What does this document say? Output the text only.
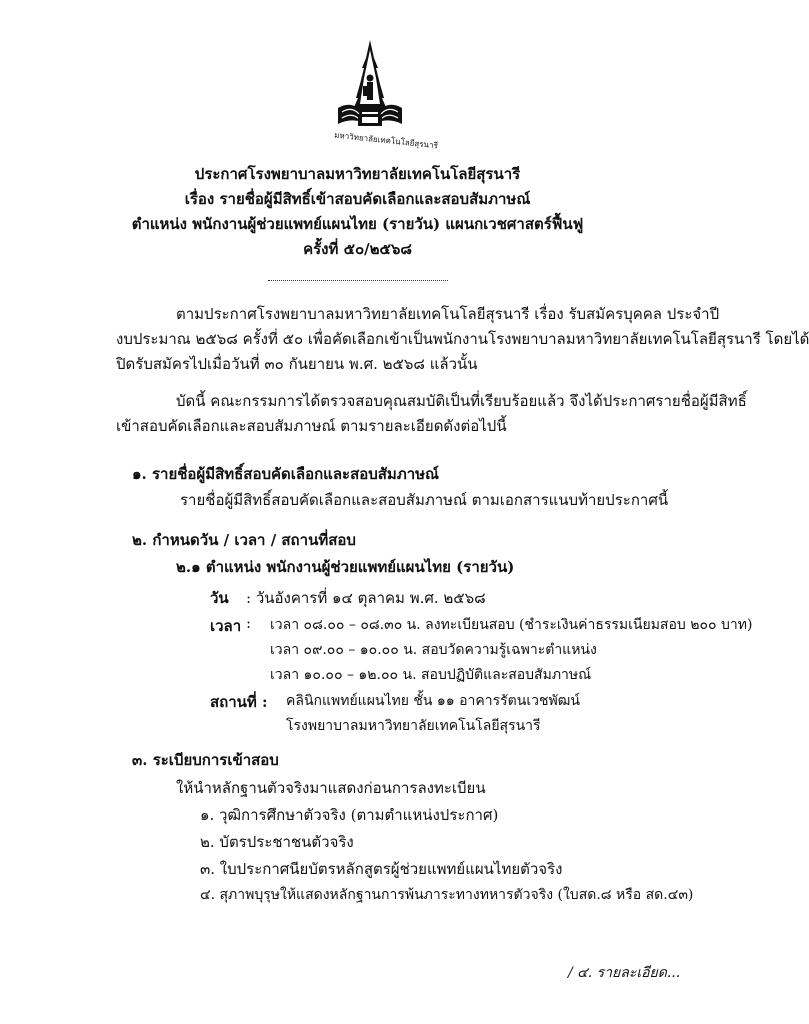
มหาวิทยาลัยเทคโนโลยีสุรนารี
ประกาศโรงพยาบาลมหาวิทยาลัยเทคโนโลยีสุรนารี
เรื่อง รายชื่อผู้มีสิทธิ์เข้าสอบคัดเลือกและสอบสัมภาษณ์
ตำแหน่ง พนักงานผู้ช่วยแพทย์แผนไทย (รายวัน) แผนกเวชศาสตร์ฟื้นฟู
ครั้งที่ ๕๐/๒๕๖๘
ตามประกาศโรงพยาบาลมหาวิทยาลัยเทคโนโลยีสุรนารี เรื่อง รับสมัครบุคคล ประจำปี
งบประมาณ ๒๕๖๘ ครั้งที่ ๕๐ เพื่อคัดเลือกเข้าเป็นพนักงานโรงพยาบาลมหาวิทยาลัยเทคโนโลยีสุรนารี โดยได้
ปิดรับสมัครไปเมื่อวันที่ ๓๐ กันยายน พ.ศ. ๒๕๖๘ แล้วนั้น
บัดนี้ คณะกรรมการได้ตรวจสอบคุณสมบัติเป็นที่เรียบร้อยแล้ว จึงได้ประกาศรายชื่อผู้มีสิทธิ์
เข้าสอบคัดเลือกและสอบสัมภาษณ์ ตามรายละเอียดดังต่อไปนี้
๑. รายชื่อผู้มีสิทธิ์สอบคัดเลือกและสอบสัมภาษณ์
รายชื่อผู้มีสิทธิ์สอบคัดเลือกและสอบสัมภาษณ์ ตามเอกสารแนบท้ายประกาศนี้
๒. กำหนดวัน / เวลา / สถานที่สอบ
๒.๑ ตำแหน่ง พนักงานผู้ช่วยแพทย์แผนไทย (รายวัน)
วัน : วันอังคารที่ ๑๔ ตุลาคม พ.ศ. ๒๕๖๘
เวลา : เวลา ๐๘.๐๐ – ๐๘.๓๐ น. ลงทะเบียนสอบ (ชำระเงินค่าธรรมเนียมสอบ ๒๐๐ บาท)
เวลา ๐๙.๐๐ – ๑๐.๐๐ น. สอบวัดความรู้เฉพาะตำแหน่ง
เวลา ๑๐.๐๐ – ๑๒.๐๐ น. สอบปฏิบัติและสอบสัมภาษณ์
สถานที่ : คลินิกแพทย์แผนไทย ชั้น ๑๑ อาคารรัตนเวชพัฒน์
โรงพยาบาลมหาวิทยาลัยเทคโนโลยีสุรนารี
๓. ระเบียบการเข้าสอบ
ให้นำหลักฐานตัวจริงมาแสดงก่อนการลงทะเบียน
๑. วุฒิการศึกษาตัวจริง (ตามตำแหน่งประกาศ)
๒. บัตรประชาชนตัวจริง
๓. ใบประกาศนียบัตรหลักสูตรผู้ช่วยแพทย์แผนไทยตัวจริง
๔. สุภาพบุรุษให้แสดงหลักฐานการพ้นภาระทางทหารตัวจริง (ใบสด.๘ หรือ สด.๔๓)
/ ๔. รายละเอียด...
